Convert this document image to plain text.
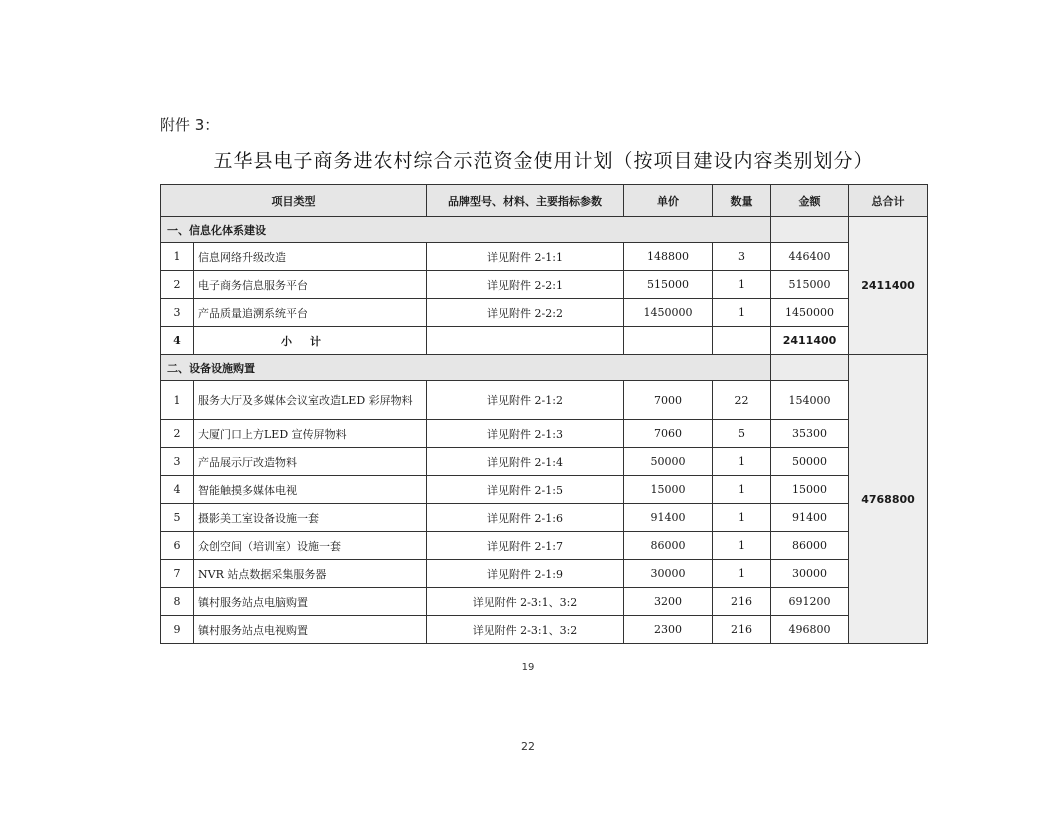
附件 3：
五华县电子商务进农村综合示范资金使用计划（按项目建设内容类别划分）
项目类型		品牌型号、材料、主要指标参数	单价	数量	金额	总合计
一、信息化体系建设						2411400
1	信息网络升级改造	详见附件 2-1:1	148800	3	446400	
2	电子商务信息服务平台	详见附件 2-2:1	515000	1	515000	
3	产品质量追溯系统平台	详见附件 2-2:2	1450000	1	1450000	
4	小计				2411400	
二、设备设施购置						4768800
1	服务大厅及多媒体会议室改造LED 彩屏物料	详见附件 2-1:2	7000	22	154000	
2	大厦门口上方LED 宣传屏物料	详见附件 2-1:3	7060	5	35300	
3	产品展示厅改造物料	详见附件 2-1:4	50000	1	50000	
4	智能触摸多媒体电视	详见附件 2-1:5	15000	1	15000	
5	摄影美工室设备设施一套	详见附件 2-1:6	91400	1	91400	
6	众创空间（培训室）设施一套	详见附件 2-1:7	86000	1	86000	
7	NVR 站点数据采集服务器	详见附件 2-1:9	30000	1	30000	
8	镇村服务站点电脑购置	详见附件 2-3:1、3:2	3200	216	691200	
9	镇村服务站点电视购置	详见附件 2-3:1、3:2	2300	216	496800	
19
22
